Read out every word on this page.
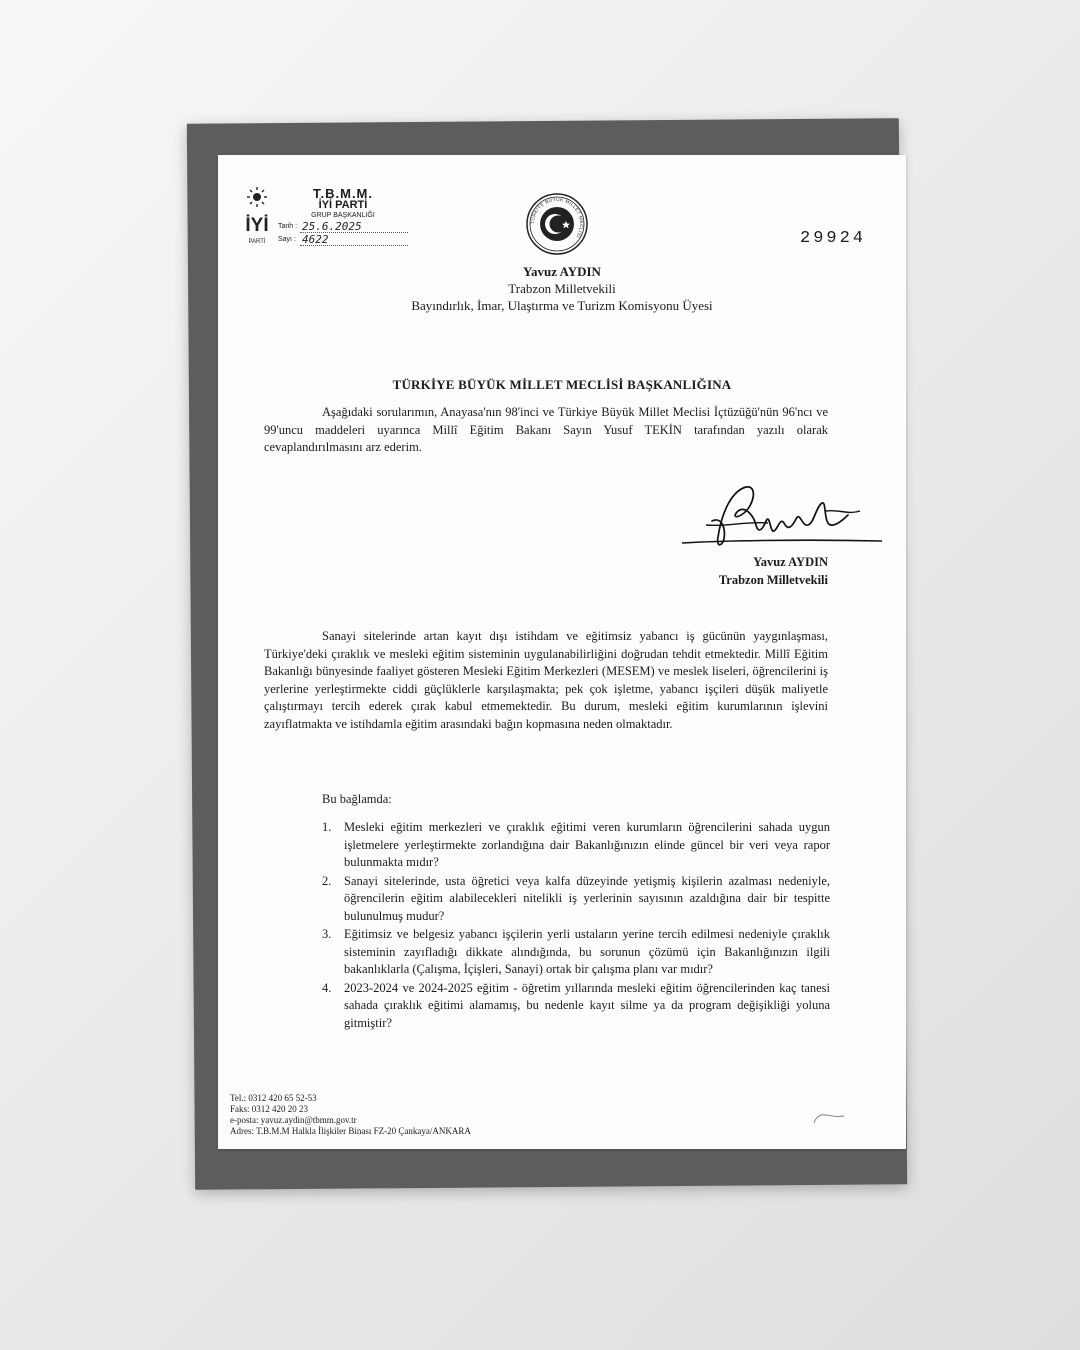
İYİ
PARTİ
T.B.M.M.
İYİ PARTİ
GRUP BAŞKANLIĞI
Tarih : 25.6.2025
Sayı : 4622
TÜRKİYE BÜYÜK MİLLET MECLİSİ	29924
Yavuz AYDIN
Trabzon Milletvekili
Bayındırlık, İmar, Ulaştırma ve Turizm Komisyonu Üyesi
TÜRKİYE BÜYÜK MİLLET MECLİSİ BAŞKANLIĞINA
Aşağıdaki sorularımın, Anayasa'nın 98'inci ve Türkiye Büyük Millet Meclisi İçtüzüğü'nün 96'ncı ve 99'uncu maddeleri uyarınca Millî Eğitim Bakanı Sayın Yusuf TEKİN tarafından yazılı olarak cevaplandırılmasını arz ederim.
Yavuz AYDIN
Trabzon Milletvekili
Sanayi sitelerinde artan kayıt dışı istihdam ve eğitimsiz yabancı iş gücünün yaygınlaşması, Türkiye'deki çıraklık ve mesleki eğitim sisteminin uygulanabilirliğini doğrudan tehdit etmektedir. Millî Eğitim Bakanlığı bünyesinde faaliyet gösteren Mesleki Eğitim Merkezleri (MESEM) ve meslek liseleri, öğrencilerini iş yerlerine yerleştirmekte ciddi güçlüklerle karşılaşmakta; pek çok işletme, yabancı işçileri düşük maliyetle çalıştırmayı tercih ederek çırak kabul etmemektedir. Bu durum, mesleki eğitim kurumlarının işlevini zayıflatmakta ve istihdamla eğitim arasındaki bağın kopmasına neden olmaktadır.
Bu bağlamda:
1.	Mesleki eğitim merkezleri ve çıraklık eğitimi veren kurumların öğrencilerini sahada uygun işletmelere yerleştirmekte zorlandığına dair Bakanlığınızın elinde güncel bir veri veya rapor bulunmakta mıdır?
2.	Sanayi sitelerinde, usta öğretici veya kalfa düzeyinde yetişmiş kişilerin azalması nedeniyle, öğrencilerin eğitim alabilecekleri nitelikli iş yerlerinin sayısının azaldığına dair bir tespitte bulunulmuş mudur?
3.	Eğitimsiz ve belgesiz yabancı işçilerin yerli ustaların yerine tercih edilmesi nedeniyle çıraklık sisteminin zayıfladığı dikkate alındığında, bu sorunun çözümü için Bakanlığınızın ilgili bakanlıklarla (Çalışma, İçişleri, Sanayi) ortak bir çalışma planı var mıdır?
4.	2023-2024 ve 2024-2025 eğitim - öğretim yıllarında mesleki eğitim öğrencilerinden kaç tanesi sahada çıraklık eğitimi alamamış, bu nedenle kayıt silme ya da program değişikliği yoluna gitmiştir?
Tel.: 0312 420 65 52-53
Faks: 0312 420 20 23
e-posta: yavuz.aydin@tbmm.gov.tr
Adres: T.B.M.M Halkla İlişkiler Binası FZ-20 Çankaya/ANKARA
